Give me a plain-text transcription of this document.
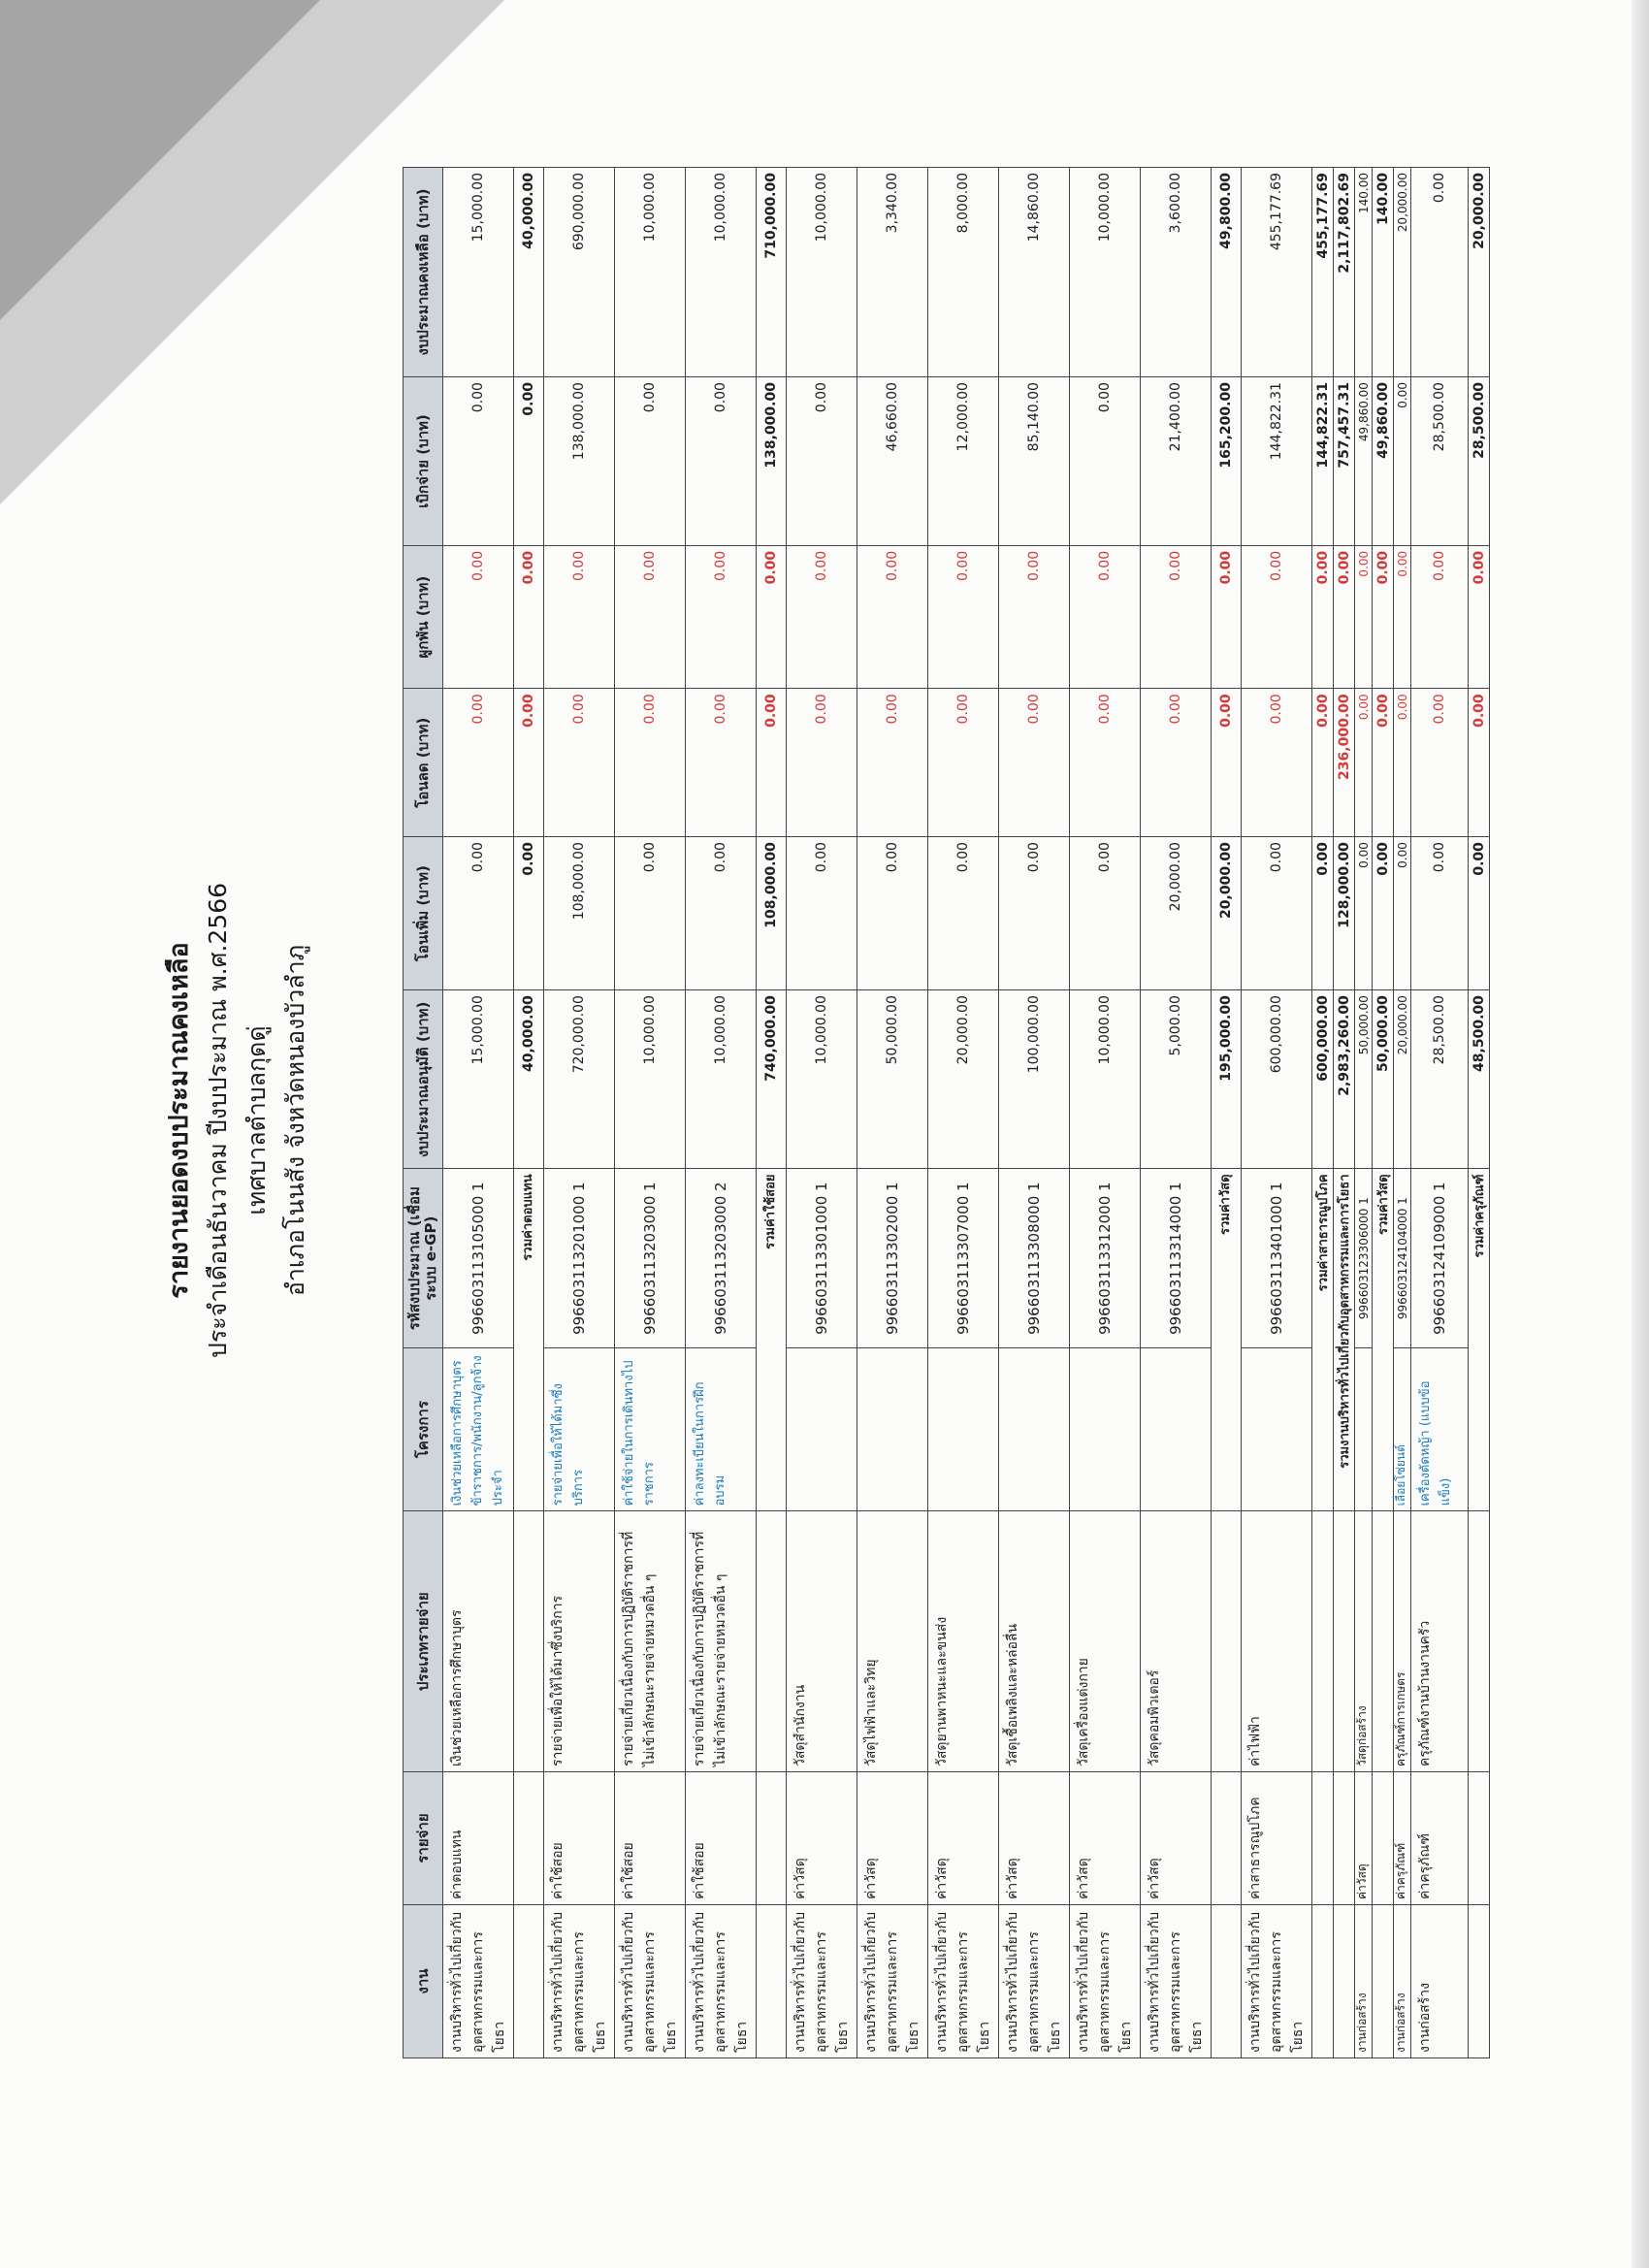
รายงานยอดงบประมาณคงเหลือ ประจำเดือนธันวาคม ปีงบประมาณ พ.ศ.2566 เทศบาลตำบลกุดดู่ อำเภอโนนสัง จังหวัดหนองบัวลำภู
งาน	รายจ่าย	ประเภทรายจ่าย	โครงการ	รหัสงบประมาณ (เชื่อมระบบ e-GP)	งบประมาณอนุมัติ (บาท)	โอนเพิ่ม (บาท)	โอนลด (บาท)	ผูกพัน (บาท)	เบิกจ่าย (บาท)	งบประมาณคงเหลือ (บาท)
งานบริหารทั่วไปเกี่ยวกับอุตสาหกรรมและการโยธา	ค่าตอบแทน	เงินช่วยเหลือการศึกษาบุตร	เงินช่วยเหลือการศึกษาบุตรข้าราชการ/พนักงาน/ลูกจ้างประจำ	996603113105000 1	15,000.00	0.00	0.00	0.00	0.00	15,000.00
			รวมค่าตอบแทน		40,000.00	0.00	0.00	0.00	0.00	40,000.00
งานบริหารทั่วไปเกี่ยวกับอุตสาหกรรมและการโยธา	ค่าใช้สอย	รายจ่ายเพื่อให้ได้มาซึ่งบริการ	รายจ่ายเพื่อให้ได้มาซึ่งบริการ	996603113201000 1	720,000.00	108,000.00	0.00	0.00	138,000.00	690,000.00
งานบริหารทั่วไปเกี่ยวกับอุตสาหกรรมและการโยธา	ค่าใช้สอย	รายจ่ายเกี่ยวเนื่องกับการปฏิบัติราชการที่ไม่เข้าลักษณะรายจ่ายหมวดอื่น ๆ	ค่าใช้จ่ายในการเดินทางไปราชการ	996603113203000 1	10,000.00	0.00	0.00	0.00	0.00	10,000.00
งานบริหารทั่วไปเกี่ยวกับอุตสาหกรรมและการโยธา	ค่าใช้สอย	รายจ่ายเกี่ยวเนื่องกับการปฏิบัติราชการที่ไม่เข้าลักษณะรายจ่ายหมวดอื่น ๆ	ค่าลงทะเบียนในการฝึกอบรม	996603113203000 2	10,000.00	0.00	0.00	0.00	0.00	10,000.00
			รวมค่าใช้สอย		740,000.00	108,000.00	0.00	0.00	138,000.00	710,000.00
งานบริหารทั่วไปเกี่ยวกับอุตสาหกรรมและการโยธา	ค่าวัสดุ	วัสดุสำนักงาน		996603113301000 1	10,000.00	0.00	0.00	0.00	0.00	10,000.00
งานบริหารทั่วไปเกี่ยวกับอุตสาหกรรมและการโยธา	ค่าวัสดุ	วัสดุไฟฟ้าและวิทยุ		996603113302000 1	50,000.00	0.00	0.00	0.00	46,660.00	3,340.00
งานบริหารทั่วไปเกี่ยวกับอุตสาหกรรมและการโยธา	ค่าวัสดุ	วัสดุยานพาหนะและขนส่ง		996603113307000 1	20,000.00	0.00	0.00	0.00	12,000.00	8,000.00
งานบริหารทั่วไปเกี่ยวกับอุตสาหกรรมและการโยธา	ค่าวัสดุ	วัสดุเชื้อเพลิงและหล่อลื่น		996603113308000 1	100,000.00	0.00	0.00	0.00	85,140.00	14,860.00
งานบริหารทั่วไปเกี่ยวกับอุตสาหกรรมและการโยธา	ค่าวัสดุ	วัสดุเครื่องแต่งกาย		996603113312000 1	10,000.00	0.00	0.00	0.00	0.00	10,000.00
งานบริหารทั่วไปเกี่ยวกับอุตสาหกรรมและการโยธา	ค่าวัสดุ	วัสดุคอมพิวเตอร์		996603113314000 1	5,000.00	20,000.00	0.00	0.00	21,400.00	3,600.00
			รวมค่าวัสดุ		195,000.00	20,000.00	0.00	0.00	165,200.00	49,800.00
งานบริหารทั่วไปเกี่ยวกับอุตสาหกรรมและการโยธา	ค่าสาธารณูปโภค	ค่าไฟฟ้า		996603113401000 1	600,000.00	0.00	0.00	0.00	144,822.31	455,177.69
			รวมค่าสาธารณูปโภค		600,000.00	0.00	0.00	0.00	144,822.31	455,177.69
			รวมงานบริหารทั่วไปเกี่ยวกับอุตสาหกรรมและการโยธา		2,983,260.00	128,000.00	236,000.00	0.00	757,457.31	2,117,802.69
งานก่อสร้าง	ค่าวัสดุ	วัสดุก่อสร้าง		996603123306000 1	50,000.00	0.00	0.00	0.00	49,860.00	140.00
			รวมค่าวัสดุ		50,000.00	0.00	0.00	0.00	49,860.00	140.00
งานก่อสร้าง	ค่าครุภัณฑ์	ครุภัณฑ์การเกษตร	เลื่อยโซ่ยนต์	996603124104000 1	20,000.00	0.00	0.00	0.00	0.00	20,000.00
งานก่อสร้าง	ค่าครุภัณฑ์	ครุภัณฑ์งานบ้านงานครัว	เครื่องตัดหญ้า (แบบข้อแข็ง)	996603124109000 1	28,500.00	0.00	0.00	0.00	28,500.00	0.00
			รวมค่าครุภัณฑ์		48,500.00	0.00	0.00	0.00	28,500.00	20,000.00
